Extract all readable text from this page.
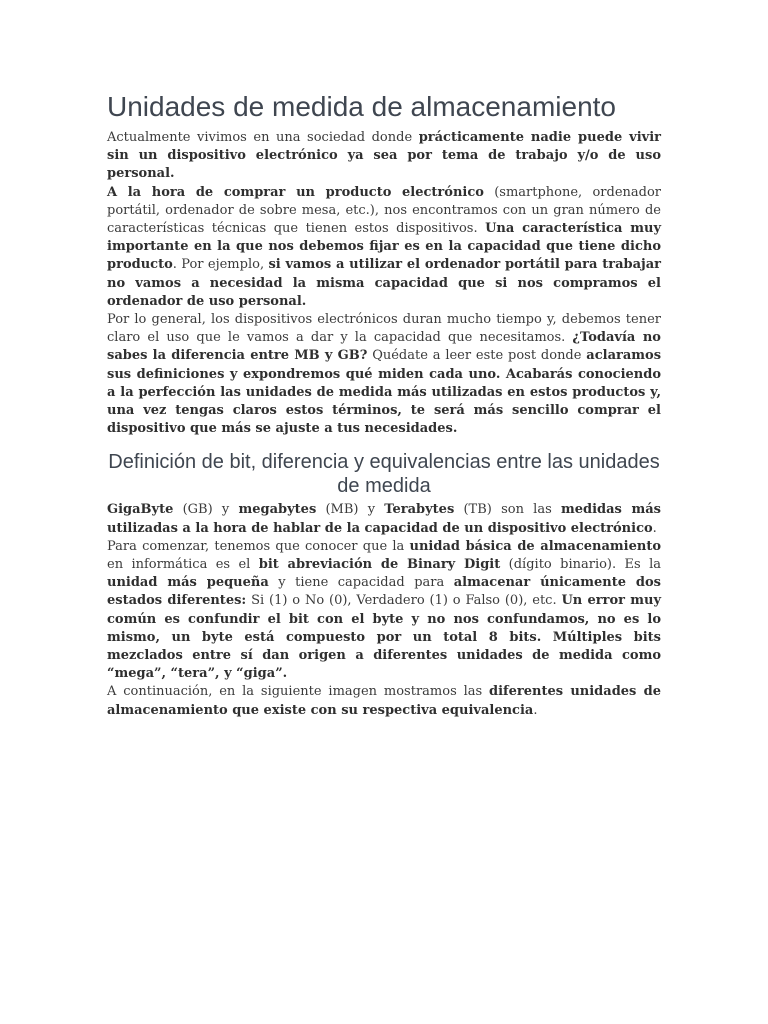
Unidades de medida de almacenamiento

Actualmente vivimos en una sociedad donde prácticamente nadie puede vivir sin un dispositivo electrónico ya sea por tema de trabajo y/o de uso personal.

A la hora de comprar un producto electrónico (smartphone, ordenador portátil, ordenador de sobre mesa, etc.), nos encontramos con un gran número de características técnicas que tienen estos dispositivos. Una característica muy importante en la que nos debemos fijar es en la capacidad que tiene dicho producto. Por ejemplo, si vamos a utilizar el ordenador portátil para trabajar no vamos a necesidad la misma capacidad que si nos compramos el ordenador de uso personal.

Por lo general, los dispositivos electrónicos duran mucho tiempo y, debemos tener claro el uso que le vamos a dar y la capacidad que necesitamos. ¿Todavía no sabes la diferencia entre MB y GB? Quédate a leer este post donde aclaramos sus definiciones y expondremos qué miden cada uno. Acabarás conociendo a la perfección las unidades de medida más utilizadas en estos productos y, una vez tengas claros estos términos, te será más sencillo comprar el dispositivo que más se ajuste a tus necesidades.

Definición de bit, diferencia y equivalencias entre las unidades de medida

GigaByte (GB) y megabytes (MB) y Terabytes (TB) son las medidas más utilizadas a la hora de hablar de la capacidad de un dispositivo electrónico.

Para comenzar, tenemos que conocer que la unidad básica de almacenamiento en informática es el bit abreviación de Binary Digit (dígito binario). Es la unidad más pequeña y tiene capacidad para almacenar únicamente dos estados diferentes: Si (1) o No (0), Verdadero (1) o Falso (0), etc. Un error muy común es confundir el bit con el byte y no nos confundamos, no es lo mismo, un byte está compuesto por un total 8 bits. Múltiples bits mezclados entre sí dan origen a diferentes unidades de medida como “mega”, “tera”, y “giga”.

A continuación, en la siguiente imagen mostramos las diferentes unidades de almacenamiento que existe con su respectiva equivalencia.
